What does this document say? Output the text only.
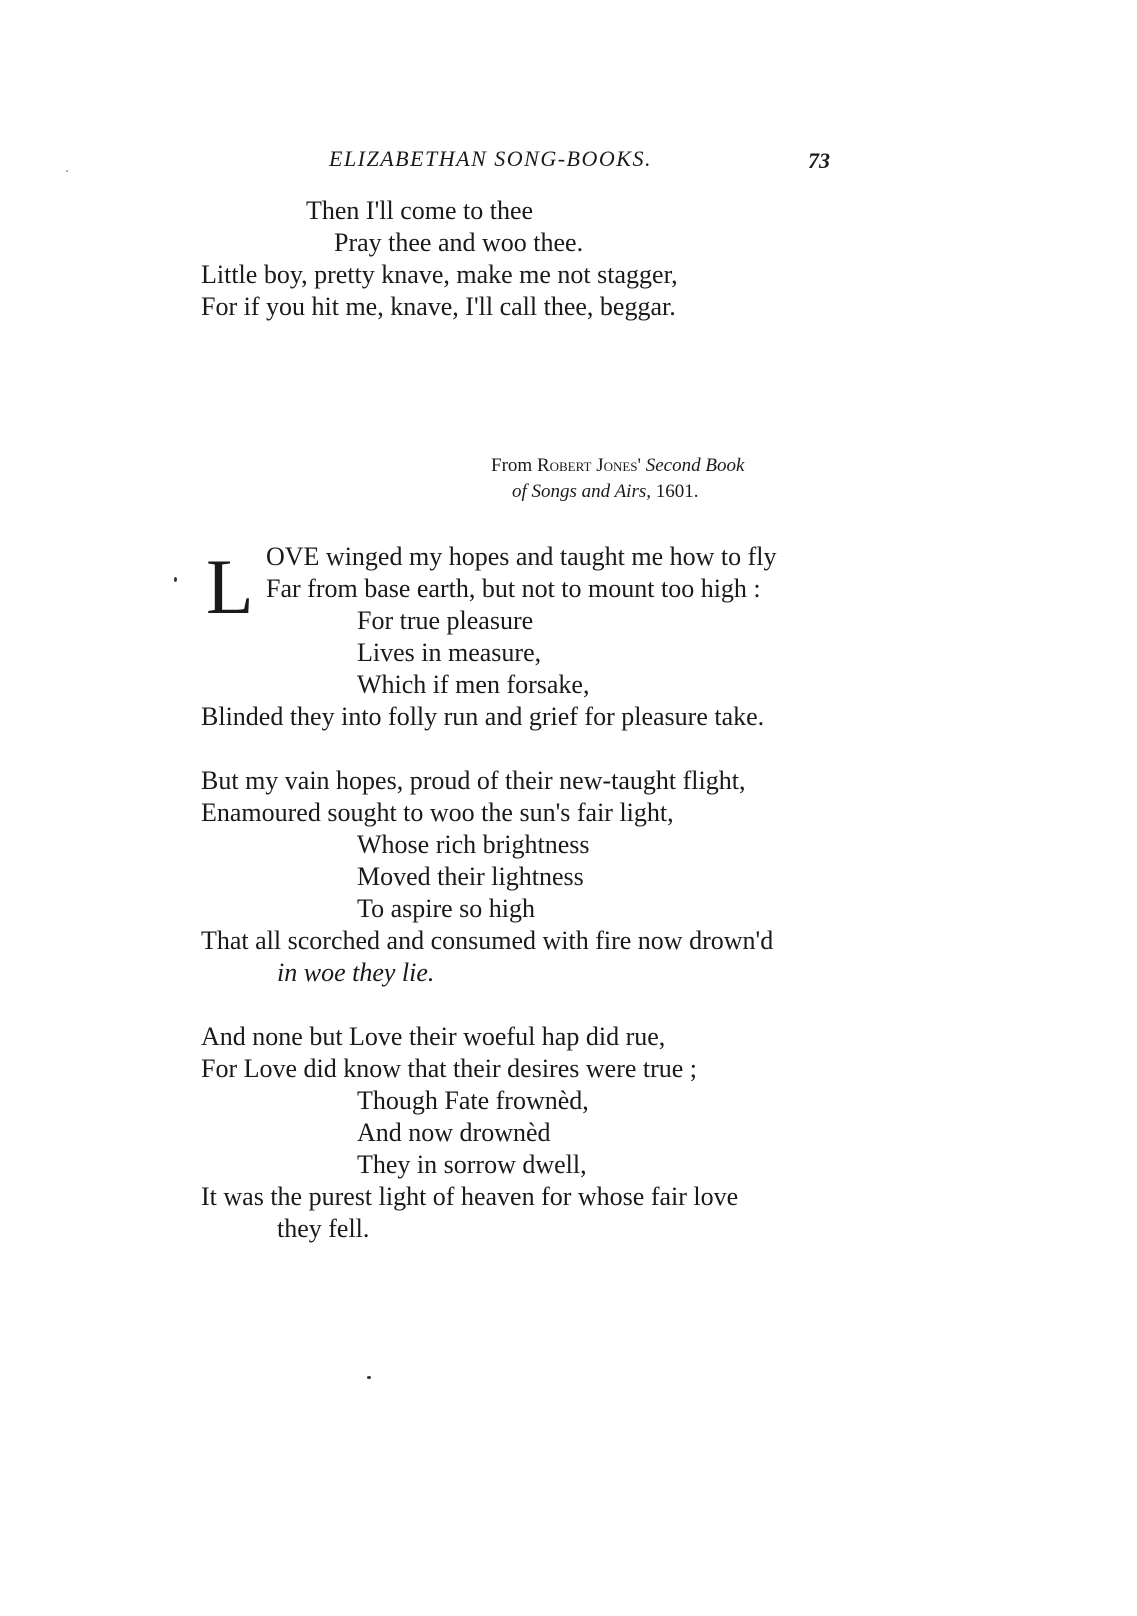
ELIZABETHAN SONG-BOOKS.	73
Then I'll come to thee
Pray thee and woo thee.
Little boy, pretty knave, make me not stagger,
For if you hit me, knave, I'll call thee, beggar.
From Robert Jones' Second Book
of Songs and Airs, 1601.
L OVE winged my hopes and taught me how to fly
Far from base earth, but not to mount too high :
For true pleasure
Lives in measure,
Which if men forsake,
Blinded they into folly run and grief for pleasure take.
But my vain hopes, proud of their new-taught flight,
Enamoured sought to woo the sun's fair light,
Whose rich brightness
Moved their lightness
To aspire so high
That all scorched and consumed with fire now drown'd
in woe they lie.
And none but Love their woeful hap did rue,
For Love did know that their desires were true ;
Though Fate frownèd,
And now drownèd
They in sorrow dwell,
It was the purest light of heaven for whose fair love
they fell.
